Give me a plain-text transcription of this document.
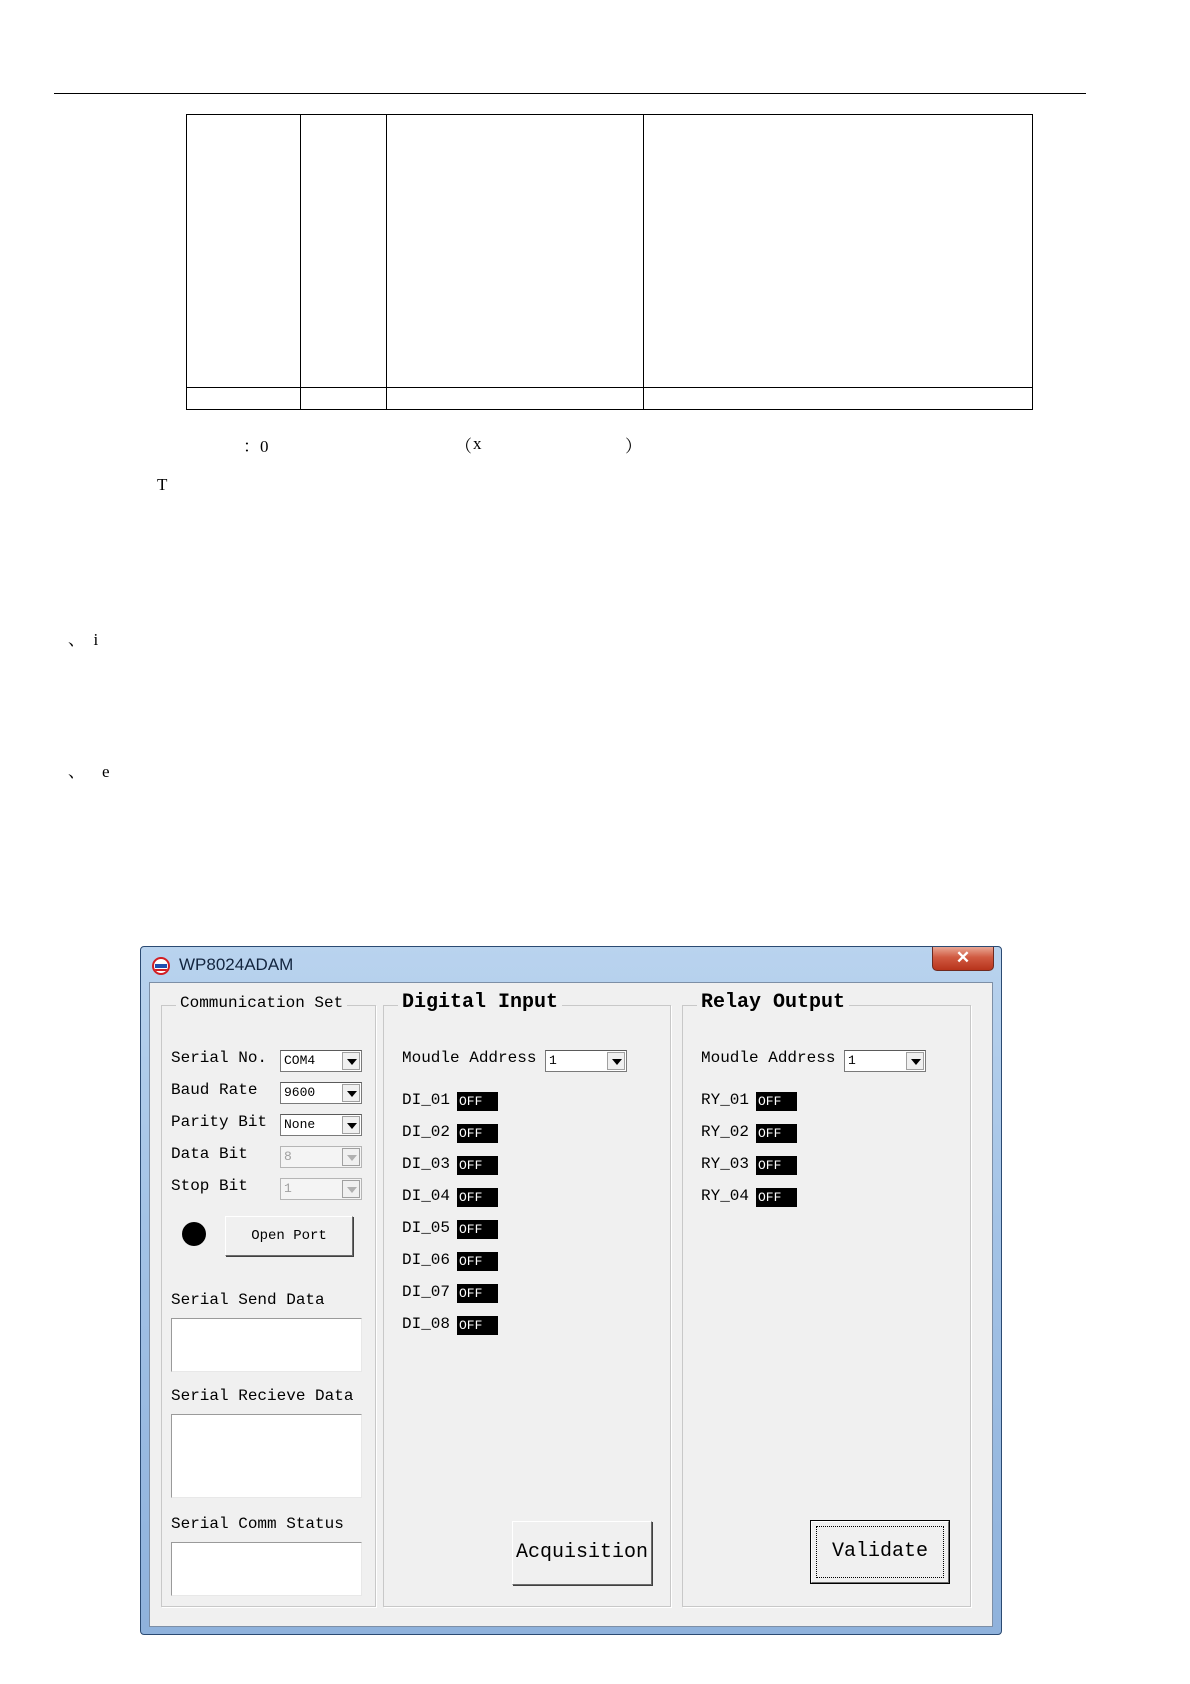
：0	（ x	）
T
、  i
、    e
WP8024ADAM	✕
Communication Set
Serial No. COM4
Baud Rate 9600
Parity Bit None
Data Bit	8
Stop Bit	1
Open Port
Serial Send Data
Serial Recieve Data
Serial Comm Status
Digital Input
Moudle Address 1
DI_01 OFF
DI_02 OFF
DI_03 OFF
DI_04 OFF
DI_05 OFF
DI_06 OFF
DI_07 OFF
DI_08 OFF
Acquisition
Relay Output
Moudle Address 1
RY_01 OFF
RY_02 OFF
RY_03 OFF
RY_04 OFF
Validate
